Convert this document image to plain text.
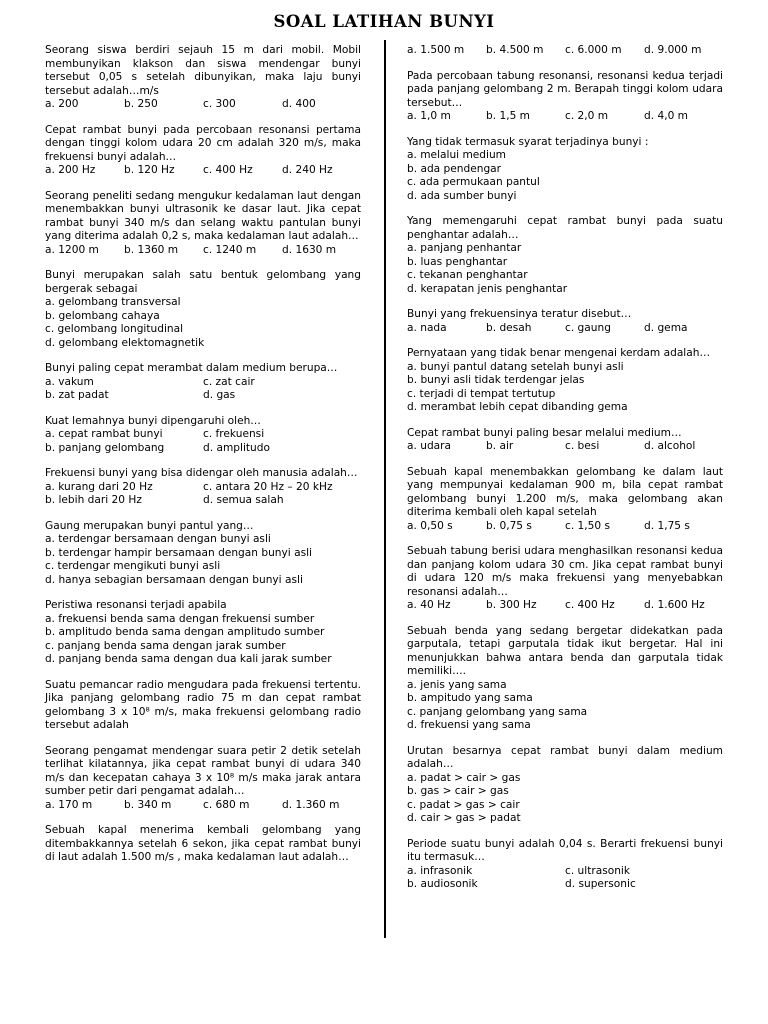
SOAL LATIHAN BUNYI
Seorang siswa berdiri sejauh 15 m dari mobil. Mobil membunyikan klakson dan siswa mendengar bunyi tersebut 0,05 s setelah dibunyikan, maka laju bunyi tersebut adalah…m/s
a. 200	b. 250	c. 300	d. 400
Cepat rambat bunyi pada percobaan resonansi pertama dengan tinggi kolom udara 20 cm adalah 320 m/s, maka frekuensi bunyi adalah…
a. 200 Hz	b. 120 Hz	c. 400 Hz	d. 240 Hz
Seorang peneliti sedang mengukur kedalaman laut dengan menembakkan bunyi ultrasonik ke dasar laut. Jika cepat rambat bunyi 340 m/s dan selang waktu pantulan bunyi yang diterima adalah 0,2 s, maka kedalaman laut adalah…
a. 1200 m	b. 1360 m	c. 1240 m	d. 1630 m
Bunyi merupakan salah satu bentuk gelombang yang bergerak sebagai
a. gelombang transversal
b. gelombang cahaya
c. gelombang longitudinal
d. gelombang elektomagnetik
Bunyi paling cepat merambat dalam medium berupa…
a. vakum	c. zat cair
b. zat padat	d. gas
Kuat lemahnya bunyi dipengaruhi oleh…
a. cepat rambat bunyi	c. frekuensi
b. panjang gelombang	d. amplitudo
Frekuensi bunyi yang bisa didengar oleh manusia adalah…
a. kurang dari 20 Hz	c. antara 20 Hz – 20 kHz
b. lebih dari 20 Hz	d. semua salah
Gaung merupakan bunyi pantul yang…
a. terdengar bersamaan dengan bunyi asli
b. terdengar hampir bersamaan dengan bunyi asli
c. terdengar mengikuti bunyi asli
d. hanya sebagian bersamaan dengan bunyi asli
Peristiwa resonansi terjadi apabila
a. frekuensi benda sama dengan frekuensi sumber
b. amplitudo benda sama dengan amplitudo sumber
c. panjang benda sama dengan jarak sumber
d. panjang benda sama dengan dua kali jarak sumber
Suatu pemancar radio mengudara pada frekuensi tertentu. Jika panjang gelombang radio 75 m dan cepat rambat gelombang 3 x 10⁸ m/s, maka frekuensi gelombang radio tersebut adalah
Seorang pengamat mendengar suara petir 2 detik setelah terlihat kilatannya, jika cepat rambat bunyi di udara 340 m/s dan kecepatan cahaya 3 x 10⁸ m/s maka jarak antara sumber petir dari pengamat adalah…
a. 170 m	b. 340 m	c. 680 m	d. 1.360 m
Sebuah kapal menerima kembali gelombang yang ditembakkannya setelah 6 sekon, jika cepat rambat bunyi di laut adalah 1.500 m/s , maka kedalaman laut adalah…
a. 1.500 m	b. 4.500 m	c. 6.000 m	d. 9.000 m
Pada percobaan tabung resonansi, resonansi kedua terjadi pada panjang gelombang 2 m. Berapah tinggi kolom udara tersebut…
a. 1,0 m	b. 1,5 m	c. 2,0 m	d. 4,0 m
Yang tidak termasuk syarat terjadinya bunyi :
a. melalui medium
b. ada pendengar
c. ada permukaan pantul
d. ada sumber bunyi
Yang memengaruhi cepat rambat bunyi pada suatu penghantar adalah…
a. panjang penhantar
b. luas penghantar
c. tekanan penghantar
d. kerapatan jenis penghantar
Bunyi yang frekuensinya teratur disebut…
a. nada	b. desah	c. gaung	d. gema
Pernyataan yang tidak benar mengenai kerdam adalah…
a. bunyi pantul datang setelah bunyi asli
b. bunyi asli tidak terdengar jelas
c. terjadi di tempat tertutup
d. merambat lebih cepat dibanding gema
Cepat rambat bunyi paling besar melalui medium…
a. udara	b. air	c. besi	d. alcohol
Sebuah kapal menembakkan gelombang ke dalam laut yang mempunyai kedalaman 900 m, bila cepat rambat gelombang bunyi 1.200 m/s, maka gelombang akan diterima kembali oleh kapal setelah
a. 0,50 s	b. 0,75 s	c. 1,50 s	d. 1,75 s
Sebuah tabung berisi udara menghasilkan resonansi kedua dan panjang kolom udara 30 cm. Jika cepat rambat bunyi di udara 120 m/s maka frekuensi yang menyebabkan resonansi adalah…
a. 40 Hz	b. 300 Hz	c. 400 Hz	d. 1.600 Hz
Sebuah benda yang sedang bergetar didekatkan pada garputala, tetapi garputala tidak ikut bergetar. Hal ini menunjukkan bahwa antara benda dan garputala tidak memiliki….
a. jenis yang sama
b. ampitudo yang sama
c. panjang gelombang yang sama
d. frekuensi yang sama
Urutan besarnya cepat rambat bunyi dalam medium adalah…
a. padat > cair > gas
b. gas > cair > gas
c. padat > gas > cair
d. cair > gas > padat
Periode suatu bunyi adalah 0,04 s. Berarti frekuensi bunyi itu termasuk…
a. infrasonik	c. ultrasonik
b. audiosonik	d. supersonic
